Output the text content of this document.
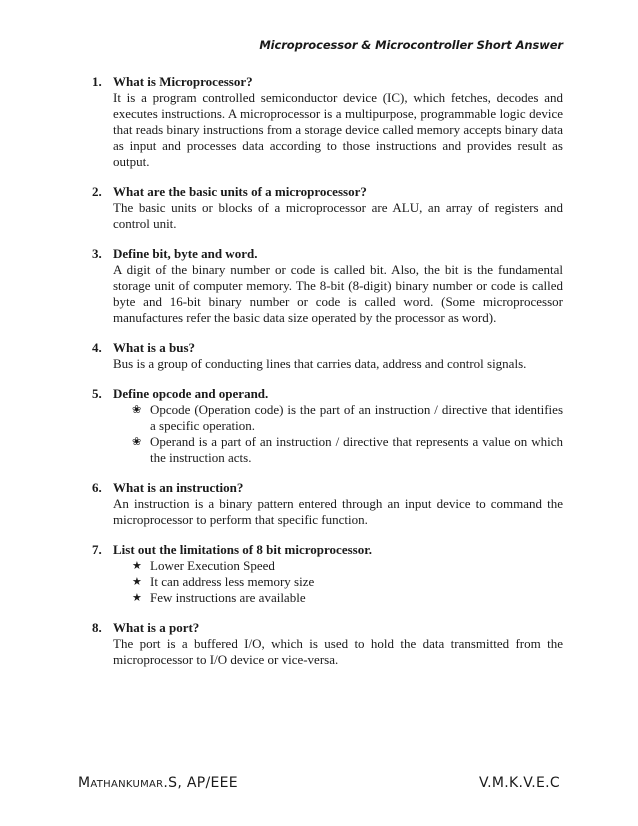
Microprocessor & Microcontroller Short Answer
1. What is Microprocessor?
It is a program controlled semiconductor device (IC), which fetches, decodes and executes instructions. A microprocessor is a multipurpose, programmable logic device that reads binary instructions from a storage device called memory accepts binary data as input and processes data according to those instructions and provides result as output.
2. What are the basic units of a microprocessor?
The basic units or blocks of a microprocessor are ALU, an array of registers and control unit.
3. Define bit, byte and word.
A digit of the binary number or code is called bit. Also, the bit is the fundamental storage unit of computer memory. The 8-bit (8-digit) binary number or code is called byte and 16-bit binary number or code is called word. (Some microprocessor manufactures refer the basic data size operated by the processor as word).
4. What is a bus?
Bus is a group of conducting lines that carries data, address and control signals.
5. Define opcode and operand.
❀ Opcode (Operation code) is the part of an instruction / directive that identifies a specific operation.
❀ Operand is a part of an instruction / directive that represents a value on which the instruction acts.
6. What is an instruction?
An instruction is a binary pattern entered through an input device to command the microprocessor to perform that specific function.
7. List out the limitations of 8 bit microprocessor.
★ Lower Execution Speed
★ It can address less memory size
★ Few instructions are available
8. What is a port?
The port is a buffered I/O, which is used to hold the data transmitted from the microprocessor to I/O device or vice-versa.
Mathankumar.S, AP/EEE	V.M.K.V.E.C
